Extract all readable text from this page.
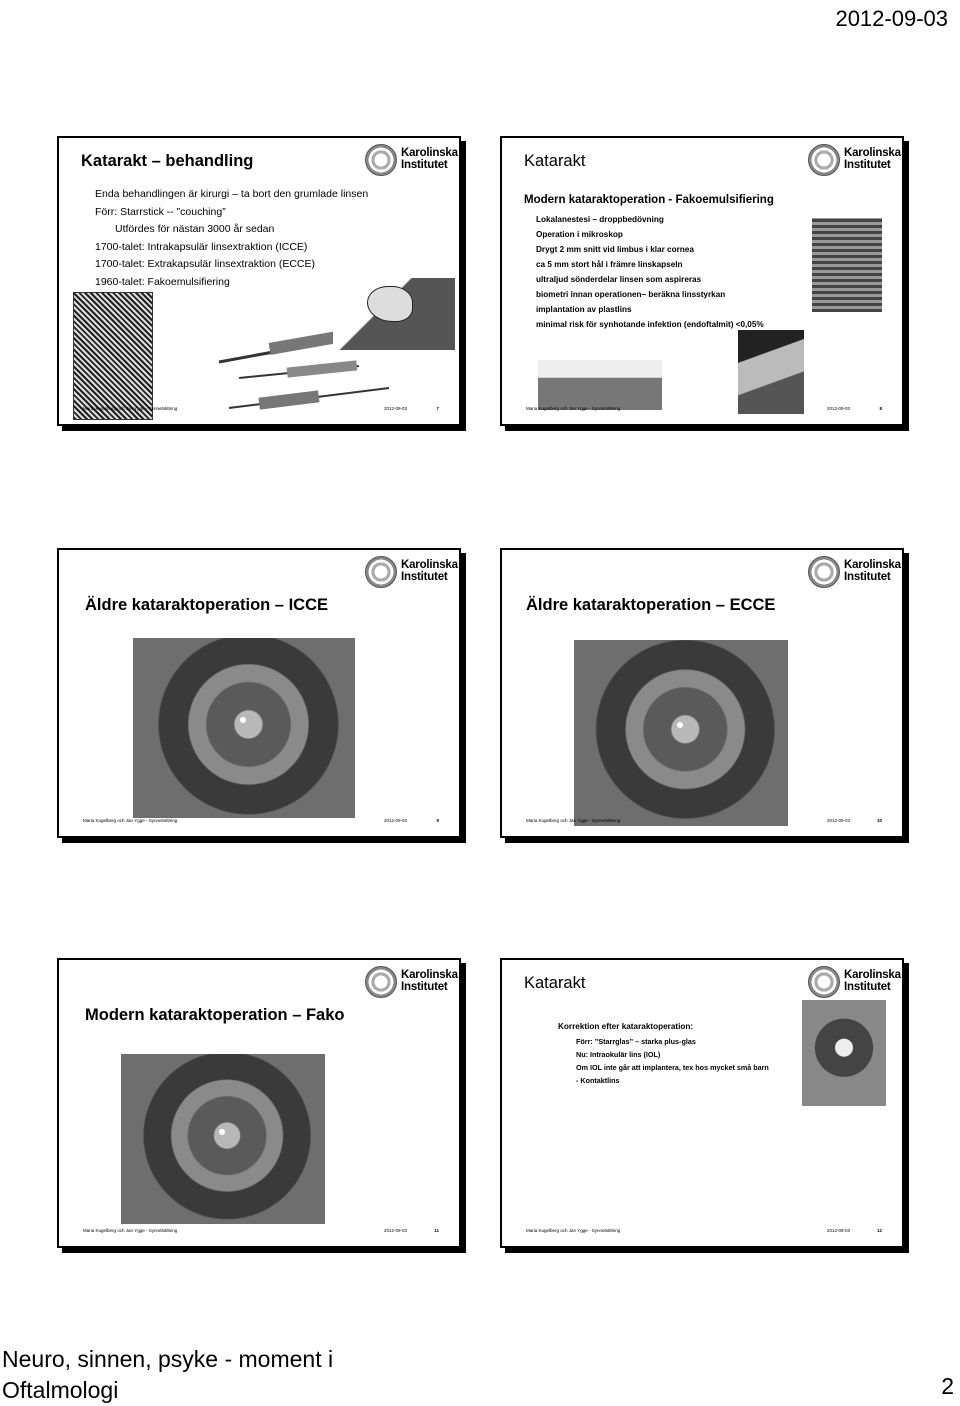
2012-09-03
Katarakt – behandling	Karolinska
Institutet
Enda behandlingen är kirurgi – ta bort den grumlade linsen
Förr: Starrstick -- ”couching”
Utfördes för nästan 3000 år sedan
1700-talet: Intrakapsulär linsextraktion (ICCE)
1700-talet: Extrakapsulär linsextraktion (ECCE)
1960-talet: Fakoemulsifiering
Maria Kugelberg och Jan Ygge - Synnebältning	2012-09-03	7
Katarakt	Karolinska
Institutet
Modern kataraktoperation - Fakoemulsifiering
Lokalanestesi – droppbedövning
Operation i mikroskop
Drygt 2 mm snitt vid limbus i klar cornea
ca 5 mm stort hål i främre linskapseln
ultraljud sönderdelar linsen som aspireras
biometri innan operationen– beräkna linsstyrkan
implantation av plastlins
minimal risk för synhotande infektion (endoftalmit) <0,05%
Maria Kugelberg och Jan Ygge - Synnebältning	2012-09-03	8
Äldre kataraktoperation – ICCE
Karolinska
Institutet
Maria Kugelberg och Jan Ygge - Synnebältning	2012-09-03	9
Äldre kataraktoperation – ECCE
Karolinska
Institutet
Maria Kugelberg och Jan Ygge - Synnebältning	2012-09-03	10
Modern kataraktoperation – Fako
Karolinska
Institutet
Maria Kugelberg och Jan Ygge - Synnebältning	2012-09-03	11
Katarakt	Karolinska
Institutet
Korrektion efter kataraktoperation:
Förr: ”Starrglas” – starka plus-glas
Nu: Intraokulär lins (IOL)
Om IOL inte går att implantera, tex hos mycket små barn
- Kontaktlins
Maria Kugelberg och Jan Ygge - Synnebältning	2012-09-03	12
Neuro, sinnen, psyke - moment i
Oftalmologi	2
